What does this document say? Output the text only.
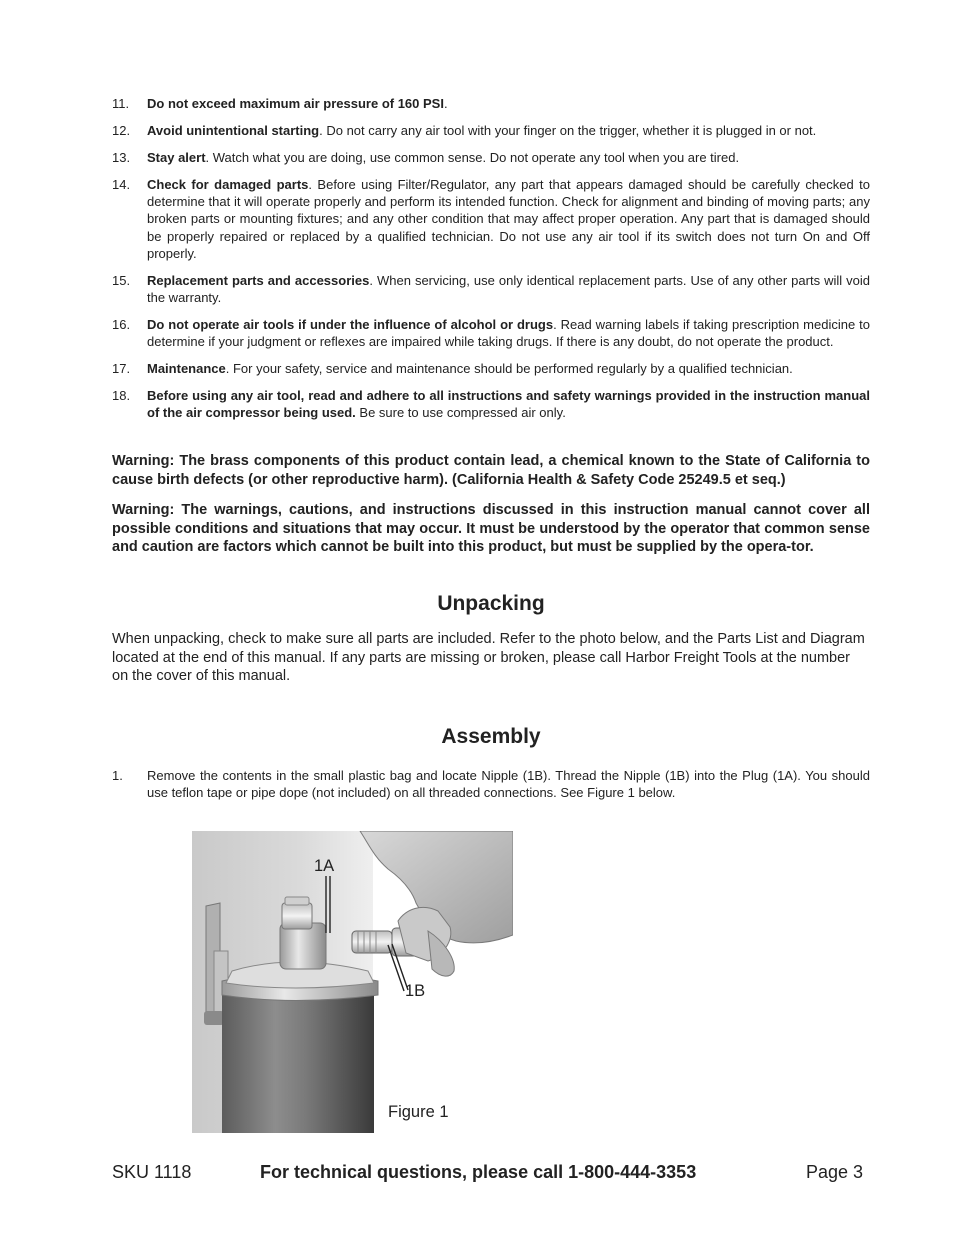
11. Do not exceed maximum air pressure of 160 PSI.
12. Avoid unintentional starting. Do not carry any air tool with your finger on the trigger, whether it is plugged in or not.
13. Stay alert. Watch what you are doing, use common sense. Do not operate any tool when you are tired.
14. Check for damaged parts. Before using Filter/Regulator, any part that appears damaged should be carefully checked to determine that it will operate properly and perform its intended function. Check for alignment and binding of moving parts; any broken parts or mounting fixtures; and any other condition that may affect proper operation. Any part that is damaged should be properly repaired or replaced by a qualified technician. Do not use any air tool if its switch does not turn On and Off properly.
15. Replacement parts and accessories. When servicing, use only identical replacement parts. Use of any other parts will void the warranty.
16. Do not operate air tools if under the influence of alcohol or drugs. Read warning labels if taking prescription medicine to determine if your judgment or reflexes are impaired while taking drugs. If there is any doubt, do not operate the product.
17. Maintenance. For your safety, service and maintenance should be performed regularly by a qualified technician.
18. Before using any air tool, read and adhere to all instructions and safety warnings provided in the instruction manual of the air compressor being used. Be sure to use compressed air only.

Warning: The brass components of this product contain lead, a chemical known to the State of California to cause birth defects (or other reproductive harm). (California Health & Safety Code 25249.5 et seq.)

Warning: The warnings, cautions, and instructions discussed in this instruction manual cannot cover all possible conditions and situations that may occur. It must be understood by the operator that common sense and caution are factors which cannot be built into this product, but must be supplied by the opera-tor.

Unpacking

When unpacking, check to make sure all parts are included. Refer to the photo below, and the Parts List and Diagram located at the end of this manual. If any parts are missing or broken, please call Harbor Freight Tools at the number on the cover of this manual.

Assembly
1. Remove the contents in the small plastic bag and locate Nipple (1B). Thread the Nipple (1B) into the Plug (1A). You should use teflon tape or pipe dope (not included) on all threaded connections. See Figure 1 below.
1A
1B
Figure 1
SKU 1118	For technical questions, please call 1-800-444-3353	Page 3
